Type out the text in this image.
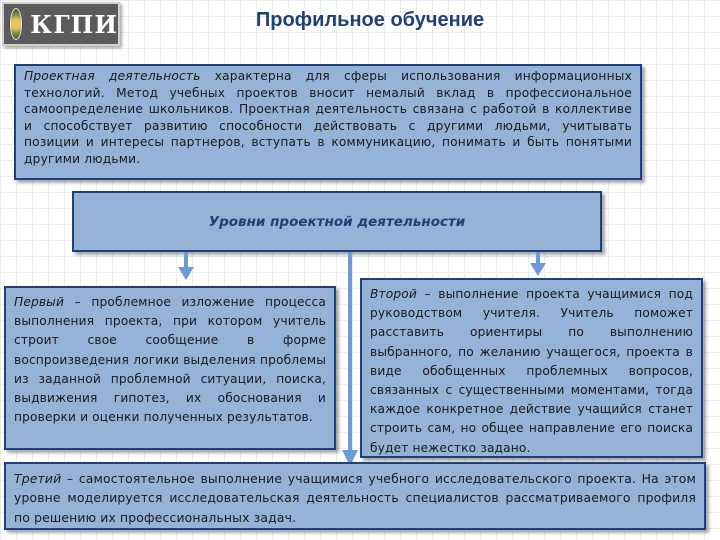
КГПИ	Профильное обучение
Проектная деятельность характерна для сферы использования информационных технологий. Метод учебных проектов вносит немалый вклад в профессиональное самоопределение школьников. Проектная деятельность связана с работой в коллективе и способствует развитию способности действовать с другими людьми, учитывать позиции и интересы партнеров, вступать в коммуникацию, понимать и быть понятыми другими людьми.
Уровни проектной деятельности
Первый – проблемное изложение процесса выполнения проекта, при котором учитель строит свое сообщение в форме воспроизведения логики выделения проблемы из заданной проблемной ситуации, поиска, выдвижения гипотез, их обоснования и проверки и оценки полученных результатов.
Второй – выполнение проекта учащимися под руководством учителя. Учитель поможет расставить ориентиры по выполнению выбранного, по желанию учащегося, проекта в виде обобщенных проблемных вопросов, связанных с существенными моментами, тогда каждое конкретное действие учащийся станет строить сам, но общее направление его поиска будет нежестко задано.
Третий – самостоятельное выполнение учащимися учебного исследовательского проекта. На этом уровне моделируется исследовательская деятельность специалистов рассматриваемого профиля по решению их профессиональных задач.
